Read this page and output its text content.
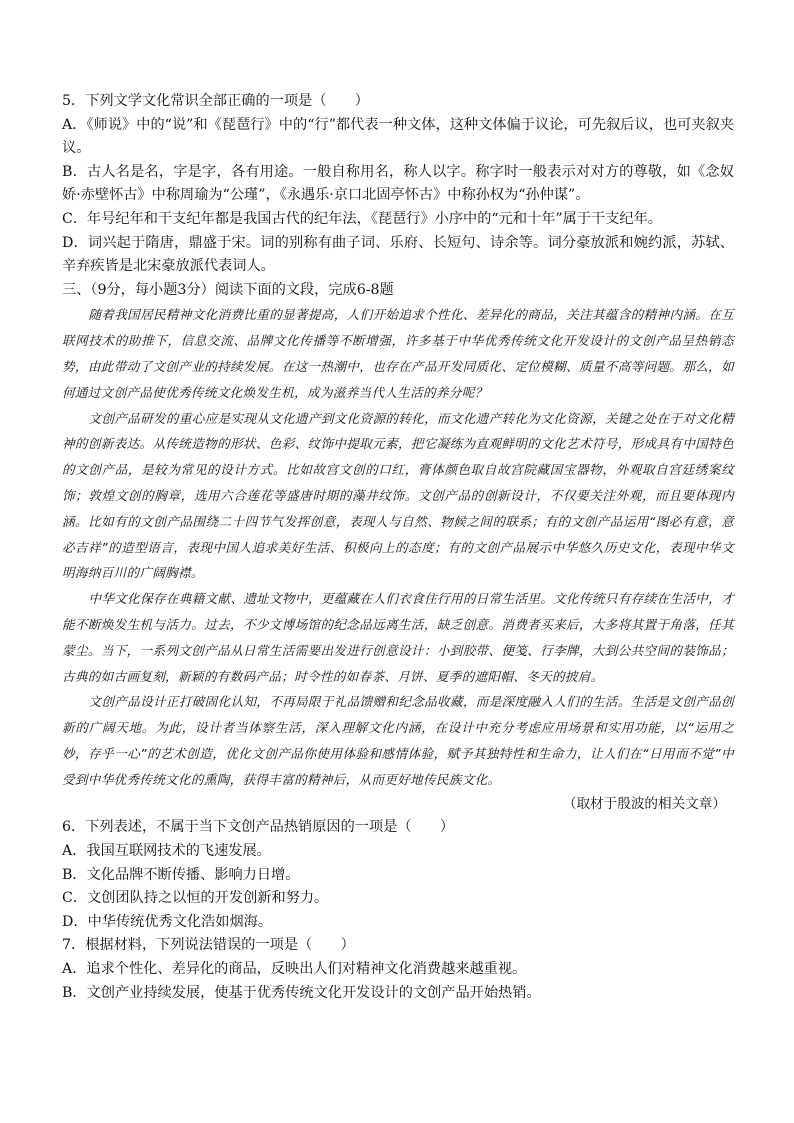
5．下列文学文化常识全部正确的一项是（　　）
A．《师说》中的“说”和《琵琶行》中的“行”都代表一种文体，这种文体偏于议论，可先叙后议，也可夹叙夹议。
B．古人名是名，字是字，各有用途。一般自称用名，称人以字。称字时一般表示对对方的尊敬，如《念奴娇·赤壁怀古》中称周瑜为“公瑾”，《永遇乐·京口北固亭怀古》中称孙权为“孙仲谋”。
C．年号纪年和干支纪年都是我国古代的纪年法，《琵琶行》小序中的“元和十年”属于干支纪年。
D．词兴起于隋唐，鼎盛于宋。词的别称有曲子词、乐府、长短句、诗余等。词分豪放派和婉约派，苏轼、辛弃疾皆是北宋豪放派代表词人。
三、（9分，每小题3分）阅读下面的文段，完成6-8题

随着我国居民精神文化消费比重的显著提高，人们开始追求个性化、差异化的商品，关注其蕴含的精神内涵。在互联网技术的助推下，信息交流、品牌文化传播等不断增强，许多基于中华优秀传统文化开发设计的文创产品呈热销态势，由此带动了文创产业的持续发展。在这一热潮中，也存在产品开发同质化、定位模糊、质量不高等问题。那么，如何通过文创产品使优秀传统文化焕发生机，成为滋养当代人生活的养分呢？

文创产品研发的重心应是实现从文化遗产到文化资源的转化，而文化遗产转化为文化资源，关键之处在于对文化精神的创新表达。从传统造物的形状、色彩、纹饰中提取元素，把它凝练为直观鲜明的文化艺术符号，形成具有中国特色的文创产品，是较为常见的设计方式。比如故宫文创的口红，膏体颜色取自故宫院藏国宝器物，外观取自宫廷绣案纹饰；敦煌文创的胸章，选用六合莲花等盛唐时期的藻井纹饰。文创产品的创新设计，不仅要关注外观，而且要体现内涵。比如有的文创产品围绕二十四节气发挥创意，表现人与自然、物候之间的联系；有的文创产品运用“图必有意，意必吉祥”的造型语言，表现中国人追求美好生活、积极向上的态度；有的文创产品展示中华悠久历史文化，表现中华文明海纳百川的广阔胸襟。

中华文化保存在典籍文献、遗址文物中，更蕴藏在人们衣食住行用的日常生活里。文化传统只有存续在生活中，才能不断焕发生机与活力。过去，不少文博场馆的纪念品远离生活，缺乏创意。消费者买来后，大多将其置于角落，任其蒙尘。当下，一系列文创产品从日常生活需要出发进行创意设计：小到胶带、便笺、行李牌，大到公共空间的装饰品；古典的如古画复刻，新颖的有数码产品；时令性的如春茶、月饼、夏季的遮阳帽、冬天的披肩。

文创产品设计正打破固化认知，不再局限于礼品馈赠和纪念品收藏，而是深度融入人们的生活。生活是文创产品创新的广阔天地。为此，设计者当体察生活，深入理解文化内涵，在设计中充分考虑应用场景和实用功能，以“运用之妙，存乎一心”的艺术创造，优化文创产品你使用体验和感情体验，赋予其独特性和生命力，让人们在“日用而不觉”中受到中华优秀传统文化的熏陶，获得丰富的精神后，从而更好地传民族文化。

（取材于殷波的相关文章）
6．下列表述，不属于当下文创产品热销原因的一项是（　　）
A．我国互联网技术的飞速发展。
B．文化品牌不断传播、影响力日增。
C．文创团队持之以恒的开发创新和努力。
D．中华传统优秀文化浩如烟海。
7．根据材料，下列说法错误的一项是（　　）
A．追求个性化、差异化的商品，反映出人们对精神文化消费越来越重视。
B．文创产业持续发展，使基于优秀传统文化开发设计的文创产品开始热销。
